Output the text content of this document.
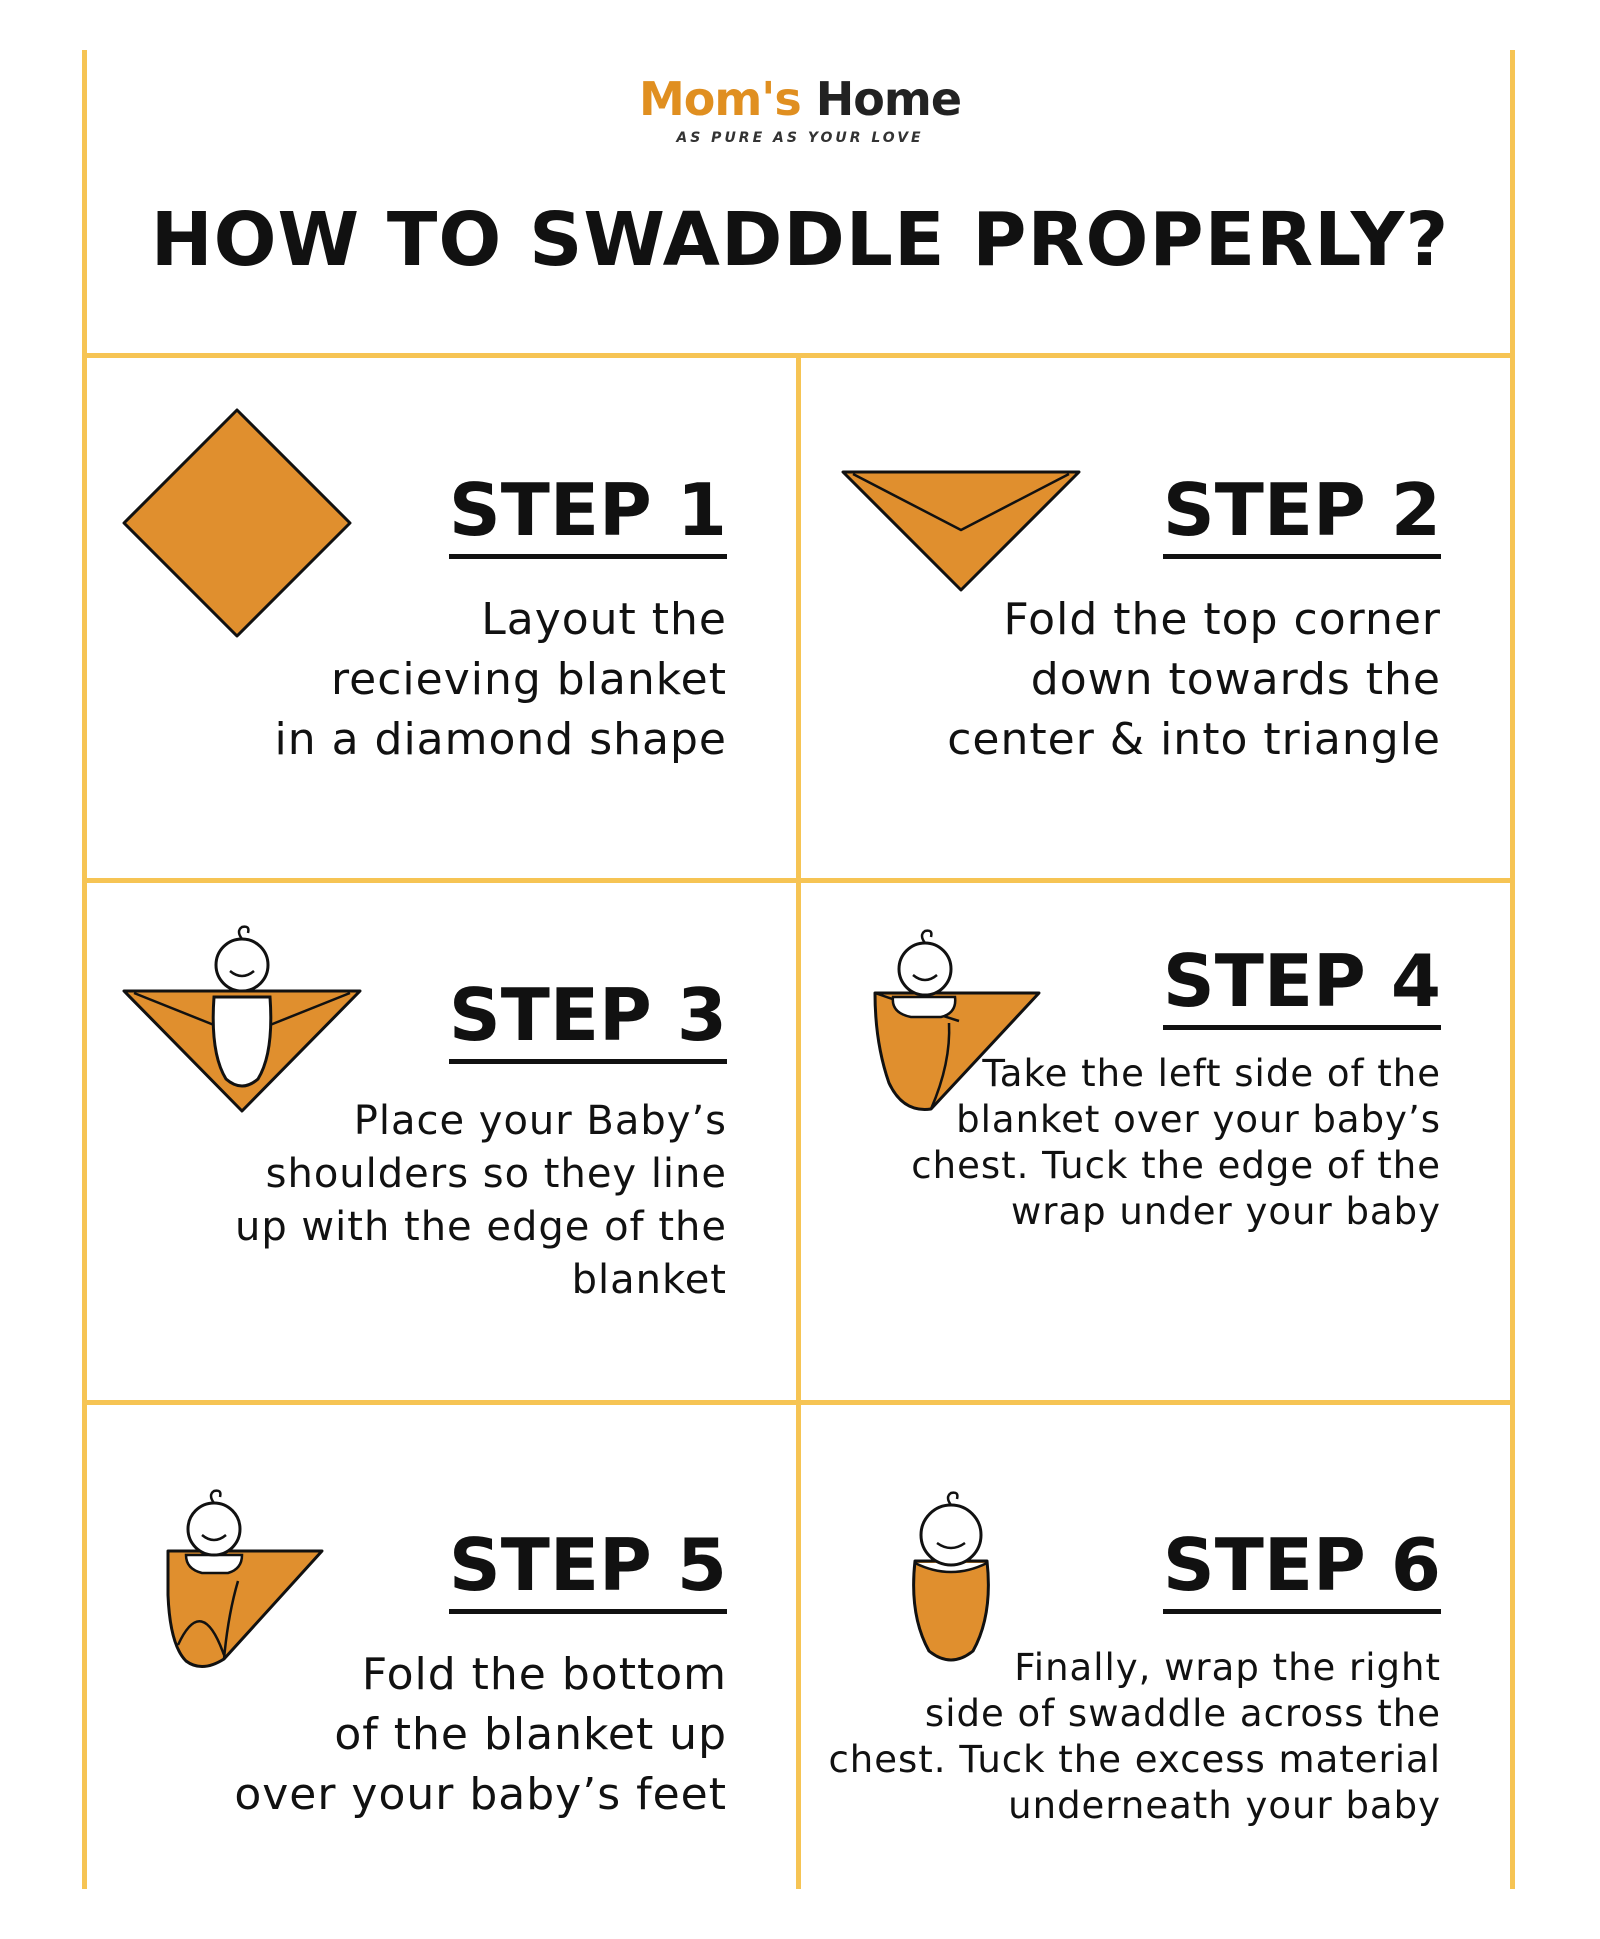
Mom's Home
AS PURE AS YOUR LOVE
HOW TO SWADDLE PROPERLY?
STEP 1
Layout the
recieving blanket
in a diamond shape
STEP 2
Fold the top corner
down towards the
center & into triangle
STEP 3
Place your Baby’s
shoulders so they line
up with the edge of the
blanket
STEP 4
Take the left side of the
blanket over your baby’s
chest. Tuck the edge of the
wrap under your baby
STEP 5
Fold the bottom
of the blanket up
over your baby’s feet
STEP 6
Finally, wrap the right
side of swaddle across the
chest. Tuck the excess material
underneath your baby
